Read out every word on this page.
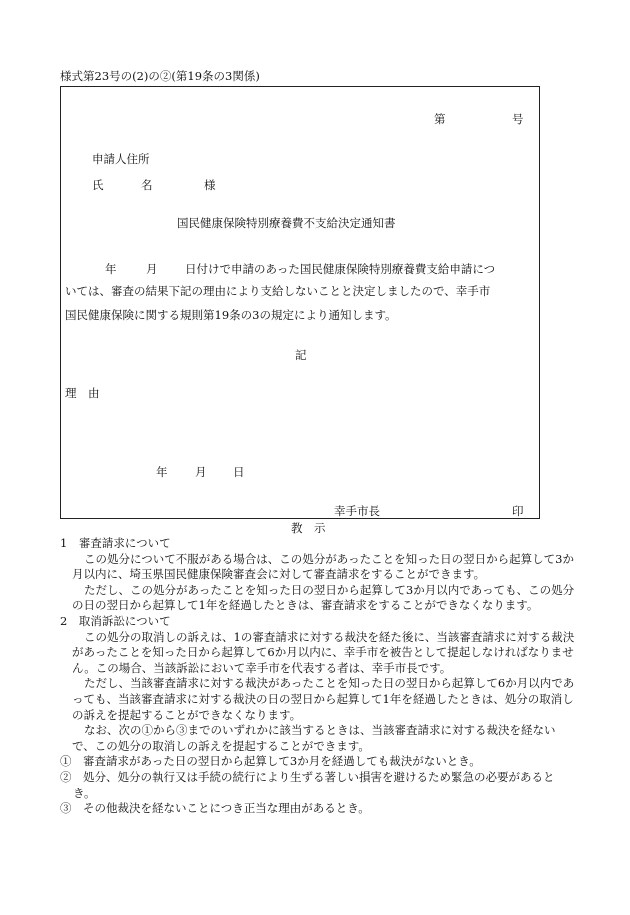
様式第23号の(2)の②(第19条の3関係)
第	号
申請人住所
氏	名	様
国民健康保険特別療養費不支給決定通知書
年	月 日付けで申請のあった国民健康保険特別療養費支給申請につ
いては、審査の結果下記の理由により支給しないことと決定しましたので、幸手市
国民健康保険に関する規則第19条の3の規定により通知します。
記
理　由
年 月 日
幸手市長	印
教　示

1　審査請求について

この処分について不服がある場合は、この処分があったことを知った日の翌日から起算して3か月以内に、埼玉県国民健康保険審査会に対して審査請求をすることができます。

ただし、この処分があったことを知った日の翌日から起算して3か月以内であっても、この処分の日の翌日から起算して1年を経過したときは、審査請求をすることができなくなります。

2　取消訴訟について

この処分の取消しの訴えは、1の審査請求に対する裁決を経た後に、当該審査請求に対する裁決があったことを知った日から起算して6か月以内に、幸手市を被告として提起しなければなりません。この場合、当該訴訟において幸手市を代表する者は、幸手市長です。

ただし、当該審査請求に対する裁決があったことを知った日の翌日から起算して6か月以内であっても、当該審査請求に対する裁決の日の翌日から起算して1年を経過したときは、処分の取消しの訴えを提起することができなくなります。

なお、次の①から③までのいずれかに該当するときは、当該審査請求に対する裁決を経ないで、この処分の取消しの訴えを提起することができます。

①　審査請求があった日の翌日から起算して3か月を経過しても裁決がないとき。

②　処分、処分の執行又は手続の続行により生ずる著しい損害を避けるため緊急の必要があるとき。

③　その他裁決を経ないことにつき正当な理由があるとき。
